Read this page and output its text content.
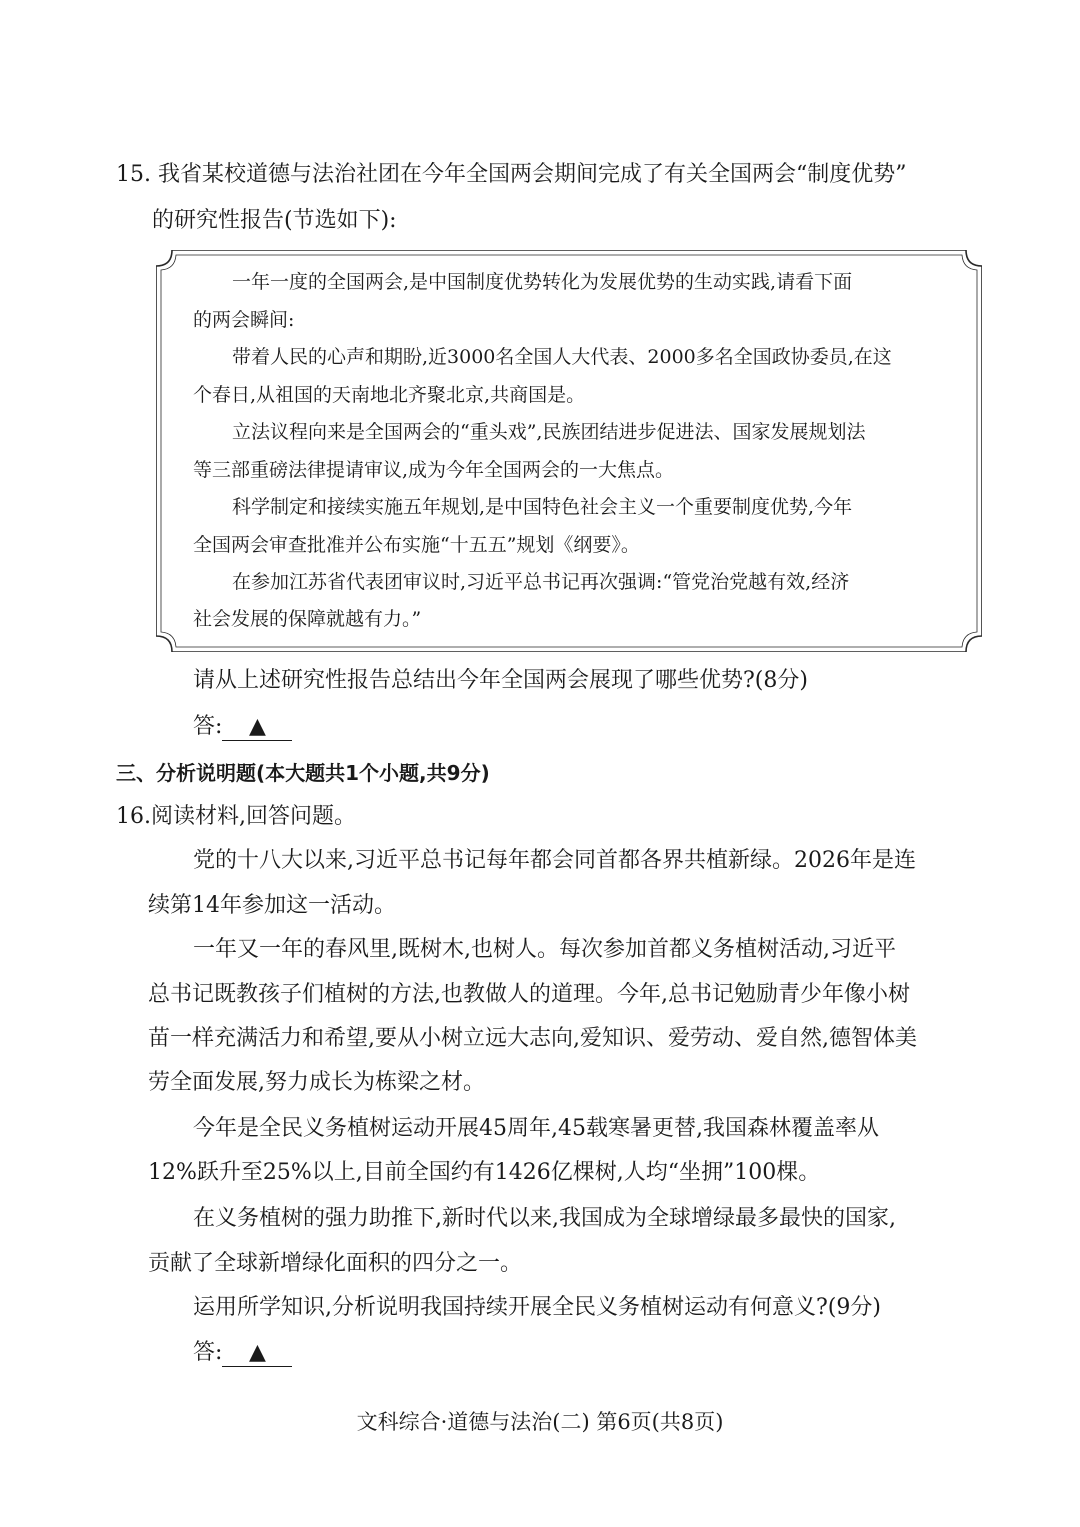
15. 我省某校道德与法治社团在今年全国两会期间完成了有关全国两会“制度优势”
的研究性报告(节选如下):
一年一度的全国两会,是中国制度优势转化为发展优势的生动实践,请看下面
的两会瞬间:
带着人民的心声和期盼,近3000名全国人大代表、2000多名全国政协委员,在这
个春日,从祖国的天南地北齐聚北京,共商国是。
立法议程向来是全国两会的“重头戏”,民族团结进步促进法、国家发展规划法
等三部重磅法律提请审议,成为今年全国两会的一大焦点。
科学制定和接续实施五年规划,是中国特色社会主义一个重要制度优势,今年
全国两会审查批准并公布实施“十五五”规划《纲要》。
在参加江苏省代表团审议时,习近平总书记再次强调:“管党治党越有效,经济
社会发展的保障就越有力。”
请从上述研究性报告总结出今年全国两会展现了哪些优势?(8分)
答: ▲
三、分析说明题(本大题共1个小题,共9分)
16.阅读材料,回答问题。
党的十八大以来,习近平总书记每年都会同首都各界共植新绿。2026年是连
续第14年参加这一活动。
一年又一年的春风里,既树木,也树人。每次参加首都义务植树活动,习近平
总书记既教孩子们植树的方法,也教做人的道理。今年,总书记勉励青少年像小树
苗一样充满活力和希望,要从小树立远大志向,爱知识、爱劳动、爱自然,德智体美
劳全面发展,努力成长为栋梁之材。
今年是全民义务植树运动开展45周年,45载寒暑更替,我国森林覆盖率从
12%跃升至25%以上,目前全国约有1426亿棵树,人均“坐拥”100棵。
在义务植树的强力助推下,新时代以来,我国成为全球增绿最多最快的国家,
贡献了全球新增绿化面积的四分之一。
运用所学知识,分析说明我国持续开展全民义务植树运动有何意义?(9分)
答: ▲
文科综合·道德与法治(二) 第6页(共8页)
